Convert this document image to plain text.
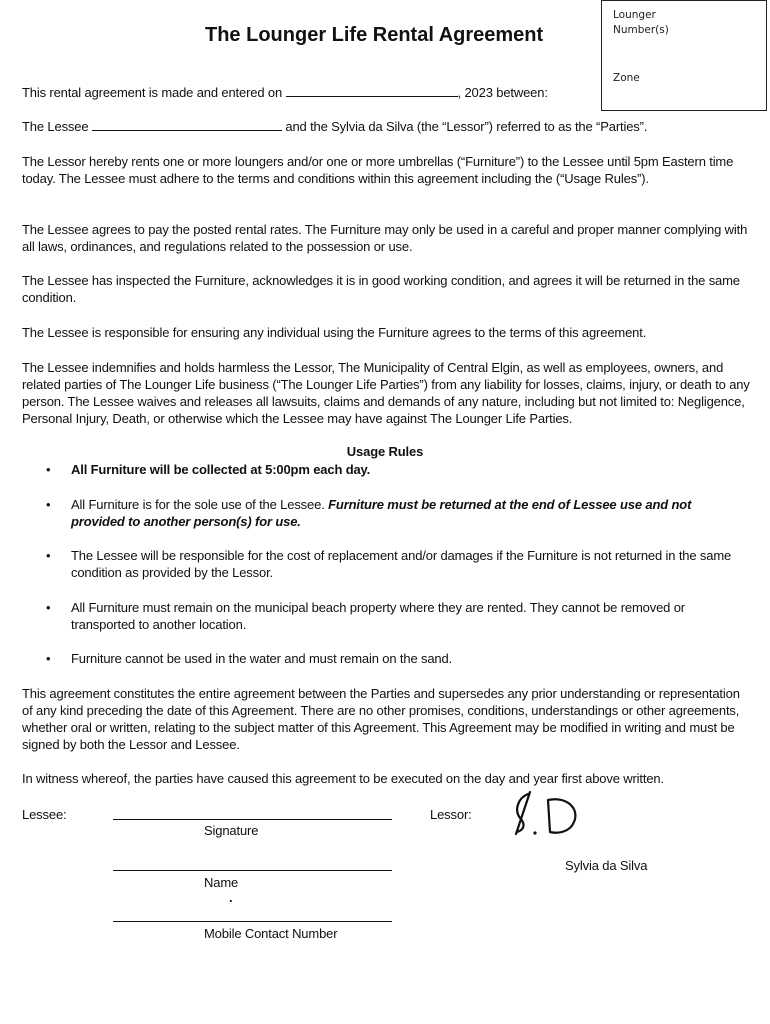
The Lounger Life Rental Agreement
Lounger Number(s)
Zone
This rental agreement is made and entered on	, 2023 between:
The Lessee	and the Sylvia da Silva (the “Lessor”) referred to as the “Parties”.
The Lessor hereby rents one or more loungers and/or one or more umbrellas (“Furniture”) to the Lessee until 5pm Eastern time today. The Lessee must adhere to the terms and conditions within this agreement including the (“Usage Rules”).
The Lessee agrees to pay the posted rental rates. The Furniture may only be used in a careful and proper manner complying with all laws, ordinances, and regulations related to the possession or use.
The Lessee has inspected the Furniture, acknowledges it is in good working condition, and agrees it will be returned in the same condition.
The Lessee is responsible for ensuring any individual using the Furniture agrees to the terms of this agreement.
The Lessee indemnifies and holds harmless the Lessor, The Municipality of Central Elgin, as well as employees, owners, and related parties of The Lounger Life business (“The Lounger Life Parties”) from any liability for losses, claims, injury, or death to any person. The Lessee waives and releases all lawsuits, claims and demands of any nature, including but not limited to: Negligence, Personal Injury, Death, or otherwise which the Lessee may have against The Lounger Life Parties.
Usage Rules
•	All Furniture will be collected at 5:00pm each day.
•	All Furniture is for the sole use of the Lessee. Furniture must be returned at the end of Lessee use and not provided to another person(s) for use.
•	The Lessee will be responsible for the cost of replacement and/or damages if the Furniture is not returned in the same condition as provided by the Lessor.
•	All Furniture must remain on the municipal beach property where they are rented. They cannot be removed or transported to another location.
•	Furniture cannot be used in the water and must remain on the sand.
This agreement constitutes the entire agreement between the Parties and supersedes any prior understanding or representation of any kind preceding the date of this Agreement. There are no other promises, conditions, understandings or other agreements, whether oral or written, relating to the subject matter of this Agreement. This Agreement may be modified in writing and must be signed by both the Lessor and Lessee.
In witness whereof, the parties have caused this agreement to be executed on the day and year first above written.
Lessee:
Signature
Name
.
Mobile Contact Number
Lessor:
Sylvia da Silva
